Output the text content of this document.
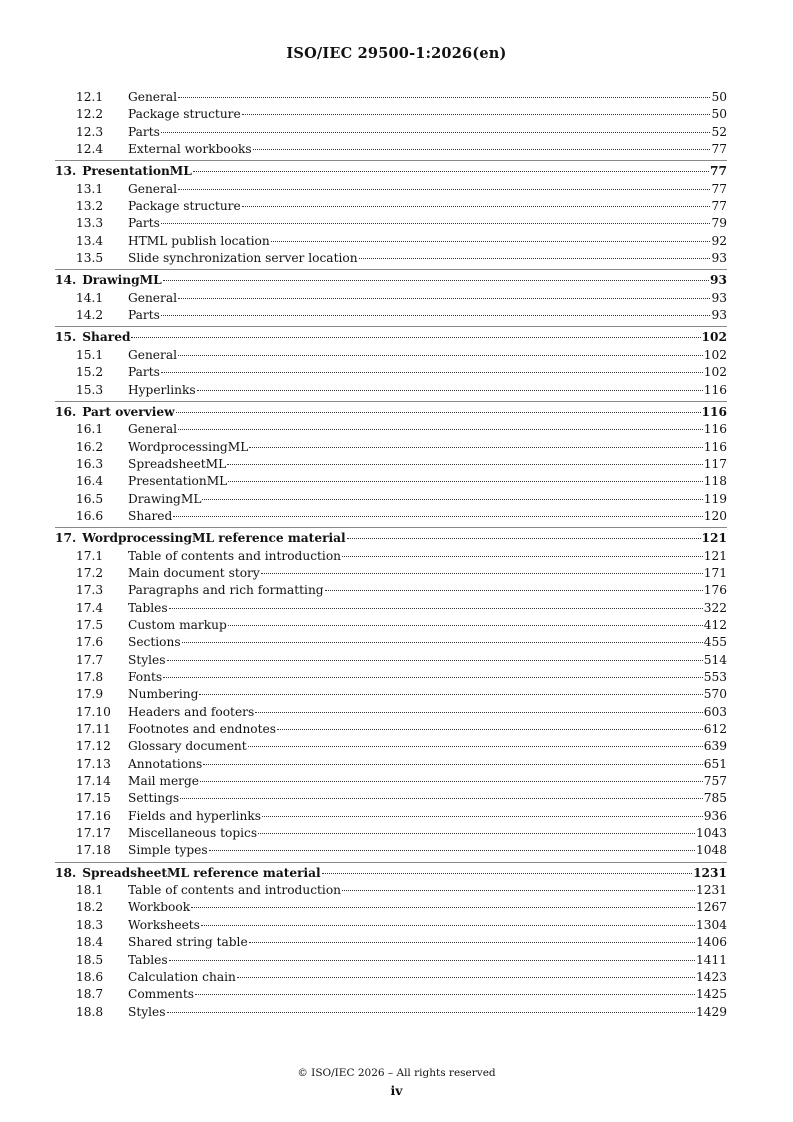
ISO/IEC 29500-1:2026(en)
12.1	General	50
12.2	Package structure	50
12.3	Parts	52
12.4	External workbooks	77
13. PresentationML	77
13.1	General	77
13.2	Package structure	77
13.3	Parts	79
13.4	HTML publish location	92
13.5	Slide synchronization server location	93
14. DrawingML	93
14.1	General	93
14.2	Parts	93
15. Shared	102
15.1	General	102
15.2	Parts	102
15.3	Hyperlinks	116
16. Part overview	116
16.1	General	116
16.2	WordprocessingML	116
16.3	SpreadsheetML	117
16.4	PresentationML	118
16.5	DrawingML	119
16.6	Shared	120
17. WordprocessingML reference material	121
17.1	Table of contents and introduction	121
17.2	Main document story	171
17.3	Paragraphs and rich formatting	176
17.4	Tables	322
17.5	Custom markup	412
17.6	Sections	455
17.7	Styles	514
17.8	Fonts	553
17.9	Numbering	570
17.10	Headers and footers	603
17.11	Footnotes and endnotes	612
17.12	Glossary document	639
17.13	Annotations	651
17.14	Mail merge	757
17.15	Settings	785
17.16	Fields and hyperlinks	936
17.17	Miscellaneous topics	1043
17.18	Simple types	1048
18. SpreadsheetML reference material	1231
18.1	Table of contents and introduction	1231
18.2	Workbook	1267
18.3	Worksheets	1304
18.4	Shared string table	1406
18.5	Tables	1411
18.6	Calculation chain	1423
18.7	Comments	1425
18.8	Styles	1429
© ISO/IEC 2026 – All rights reserved
iv
